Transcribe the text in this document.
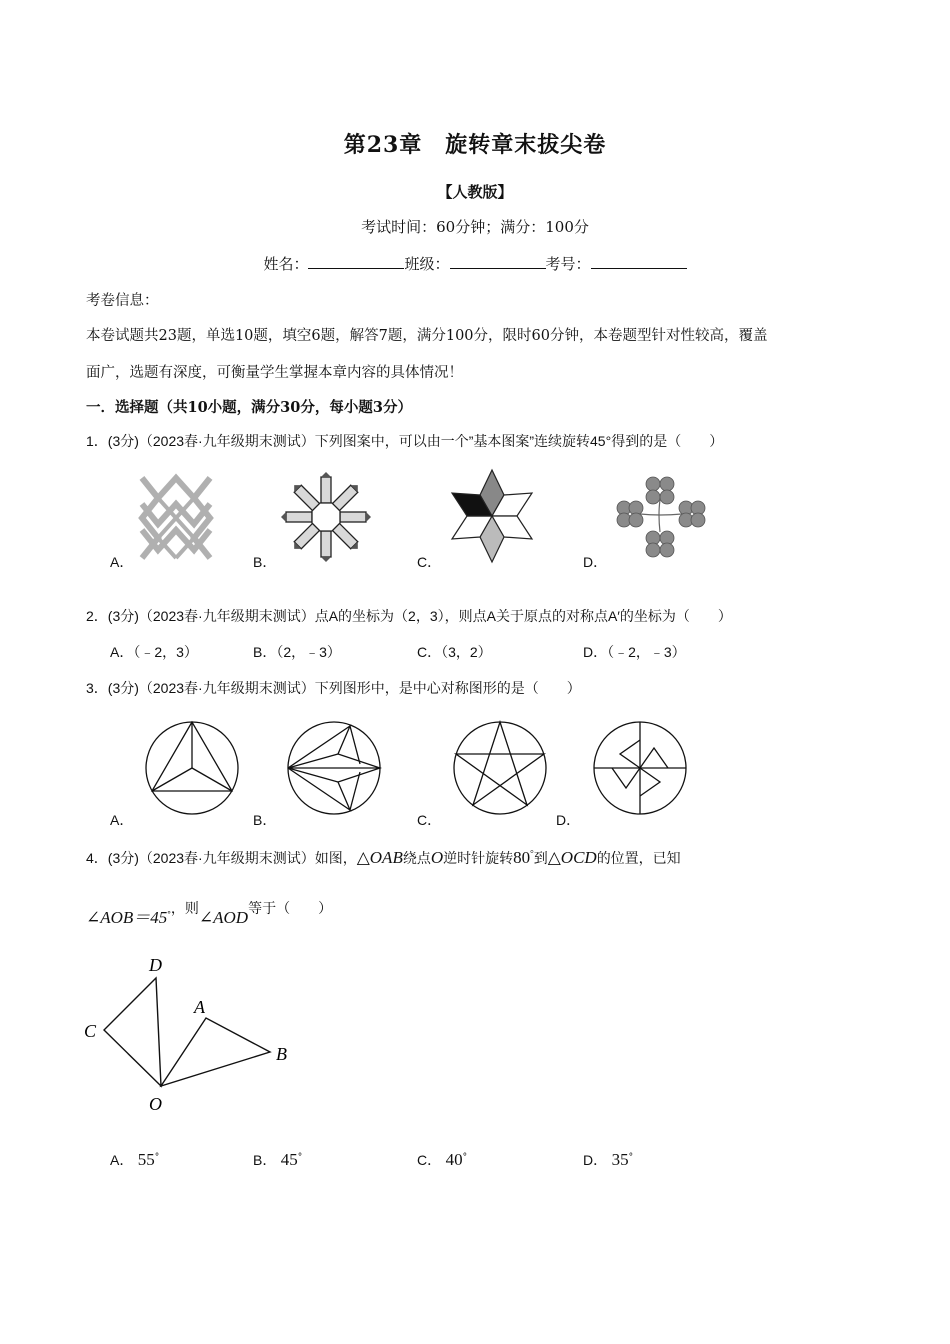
第23章　旋转章末拔尖卷
【人教版】
考试时间：60分钟；满分：100分
姓名：	班级：	考号：
考卷信息：
本卷试题共23题，单选10题，填空6题，解答7题，满分100分，限时60分钟，本卷题型针对性较高，覆盖
面广，选题有深度，可衡量学生掌握本章内容的具体情况！
一．选择题（共10小题，满分30分，每小题3分）
1．(3分)（2023春·九年级期末测试）下列图案中，可以由一个”基本图案”连续旋转45°得到的是（　　）
A．	B．	C．	D．
2．(3分)（2023春·九年级期末测试）点A的坐标为（2，3），则点A关于原点的对称点A′的坐标为（　　）
A．（﹣2，3）	B．（2，﹣3）	C．（3，2）	D．（﹣2，﹣3）
3．(3分)（2023春·九年级期末测试）下列图形中，是中心对称图形的是（　　）
A．	B．	C．	D．
4．(3分)（2023春·九年级期末测试）如图，△OAB绕点O逆时针旋转80°到△OCD的位置，已知
∠AOB＝45°，则∠AOD等于（　　）
D
C
A
B
O
A． 55°	B． 45°	C． 40°	D． 35°
